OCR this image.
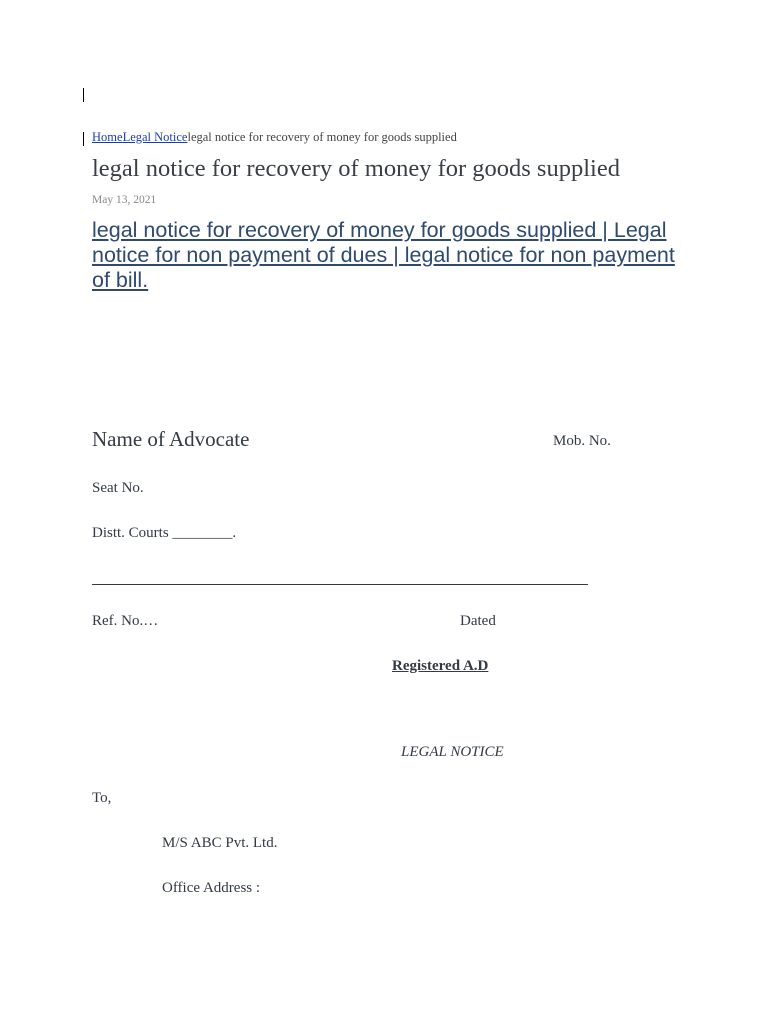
HomeLegal Noticelegal notice for recovery of money for goods supplied
legal notice for recovery of money for goods supplied
May 13, 2021
legal notice for recovery of money for goods supplied | Legal notice for non payment of dues | legal notice for non payment of bill.
Name of Advocate	Mob. No.
Seat No.
Distt. Courts ________.
Ref. No.…	Dated
Registered A.D
LEGAL NOTICE
To,
M/S ABC Pvt. Ltd.
Office Address :
